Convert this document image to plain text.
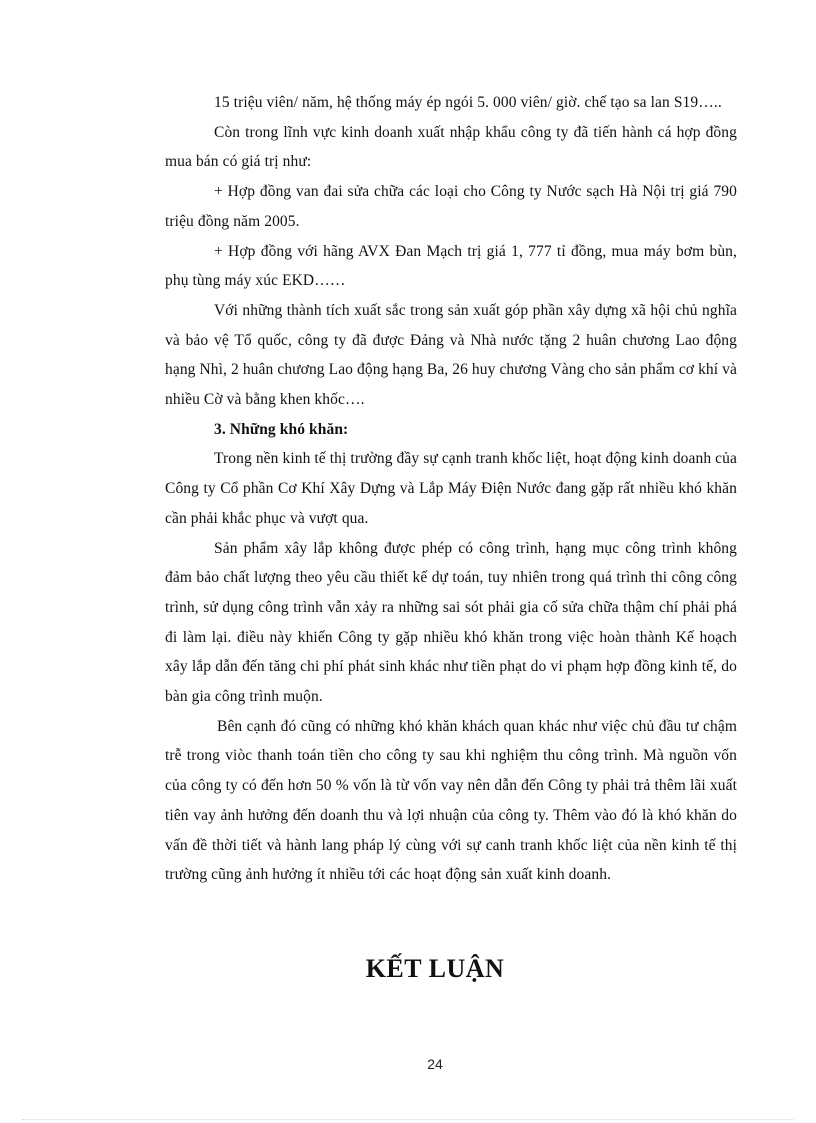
15 triệu viên/ năm, hệ thống máy ép ngói 5. 000 viên/ giờ. chế tạo sa lan S19…..

Còn trong lĩnh vực kinh doanh xuất nhập khẩu công ty đã tiến hành cá hợp đồng mua bán có giá trị như:

+ Hợp đồng van đai sửa chữa các loại cho Công ty Nước sạch Hà Nội trị giá 790 triệu đồng năm 2005.

+ Hợp đồng với hãng AVX Đan Mạch trị giá 1, 777 tỉ đồng, mua máy bơm bùn, phụ tùng máy xúc EKD……

Với những thành tích xuất sắc trong sản xuất góp phần xây dựng xã hội chủ nghĩa và bảo vệ Tổ quốc, công ty đã được Đảng và Nhà nước tặng 2 huân chương Lao động hạng Nhì, 2 huân chương Lao động hạng Ba, 26 huy chương Vàng cho sản phẩm cơ khí và nhiều Cờ và bằng khen khốc….

3. Những khó khăn:

Trong nền kinh tế thị trường đầy sự cạnh tranh khốc liệt, hoạt động kinh doanh của Công ty Cổ phần Cơ Khí Xây Dựng và Lắp Máy Điện Nước đang gặp rất nhiều khó khăn cần phải khắc phục và vượt qua.

Sản phẩm xây lắp không được phép có công trình, hạng mục công trình không đảm bảo chất lượng theo yêu cầu thiết kế dự toán, tuy nhiên trong quá trình thi công công trình, sử dụng công trình vẫn xảy ra những sai sót phải gia cố sửa chữa thậm chí phải phá đi làm lại. điều này khiến Công ty gặp nhiều khó khăn trong việc hoàn thành Kế hoạch xây lắp dẫn đến tăng chi phí phát sinh khác như tiền phạt do vi phạm hợp đồng kinh tế, do bàn gia công trình muộn.

Bên cạnh đó cũng có những khó khăn khách quan khác như việc chủ đầu tư chậm trễ trong viòc thanh toán tiền cho công ty sau khi nghiệm thu công trình. Mà nguồn vốn của công ty có đến hơn 50 % vốn là từ vốn vay nên dẫn đến Công ty phải trả thêm lãi xuất tiên vay ảnh hưởng đến doanh thu và lợi nhuận của công ty. Thêm vào đó là khó khăn do vấn đề thời tiết và hành lang pháp lý cùng với sự canh tranh khốc liệt của nền kinh tế thị trường cũng ảnh hưởng ít nhiều tới các hoạt động sản xuất kinh doanh.

KẾT LUẬN
24
